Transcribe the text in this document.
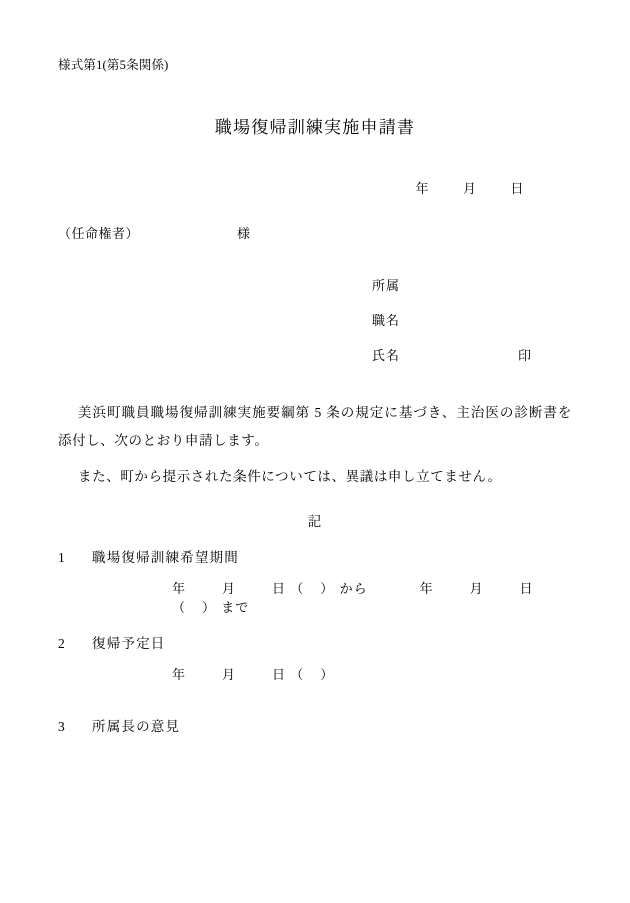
様式第1(第5条関係)

職場復帰訓練実施申請書

年	月	日

（任命権者）	様

所属
職名
氏名	印

美浜町職員職場復帰訓練実施要綱第 5 条の規定に基づき、主治医の診断書を添付し、次のとおり申請します。

また、町から提示された条件については、異議は申し立てません。

記

1 職場復帰訓練希望期間

年	月	日 （　） から	年	月	日 （　） まで

2 復帰予定日

年	月	日 （　）

3 所属長の意見
